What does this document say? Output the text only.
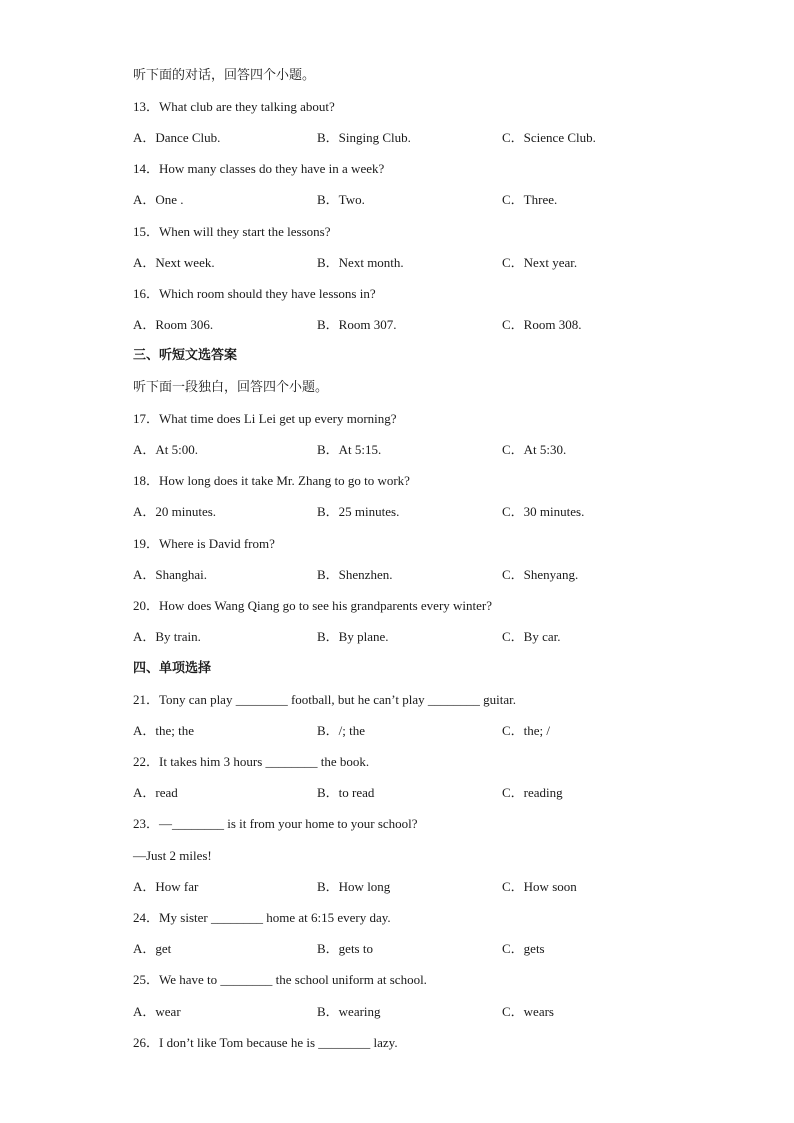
听下面的对话，回答四个小题。
13．What club are they talking about?
A．Dance Club.	B．Singing Club.	C．Science Club.
14．How many classes do they have in a week?
A．One .	B．Two.	C．Three.
15．When will they start the lessons?
A．Next week.	B．Next month.	C．Next year.
16．Which room should they have lessons in?
A．Room 306.	B．Room 307.	C．Room 308.
三、听短文选答案
听下面一段独白，回答四个小题。
17．What time does Li Lei get up every morning?
A．At 5:00.	B．At 5:15.	C．At 5:30.
18．How long does it take Mr. Zhang to go to work?
A．20 minutes.	B．25 minutes.	C．30 minutes.
19．Where is David from?
A．Shanghai.	B．Shenzhen.	C．Shenyang.
20．How does Wang Qiang go to see his grandparents every winter?
A．By train.	B．By plane.	C．By car.
四、单项选择
21．Tony can play ________ football, but he can’t play ________ guitar.
A．the; the	B．/; the	C．the; /
22．It takes him 3 hours ________ the book.
A．read	B．to read	C．reading
23．—________ is it from your home to your school?
—Just 2 miles!
A．How far	B．How long	C．How soon
24．My sister ________ home at 6:15 every day.
A．get	B．gets to	C．gets
25．We have to ________ the school uniform at school.
A．wear	B．wearing	C．wears
26．I don’t like Tom because he is ________ lazy.
